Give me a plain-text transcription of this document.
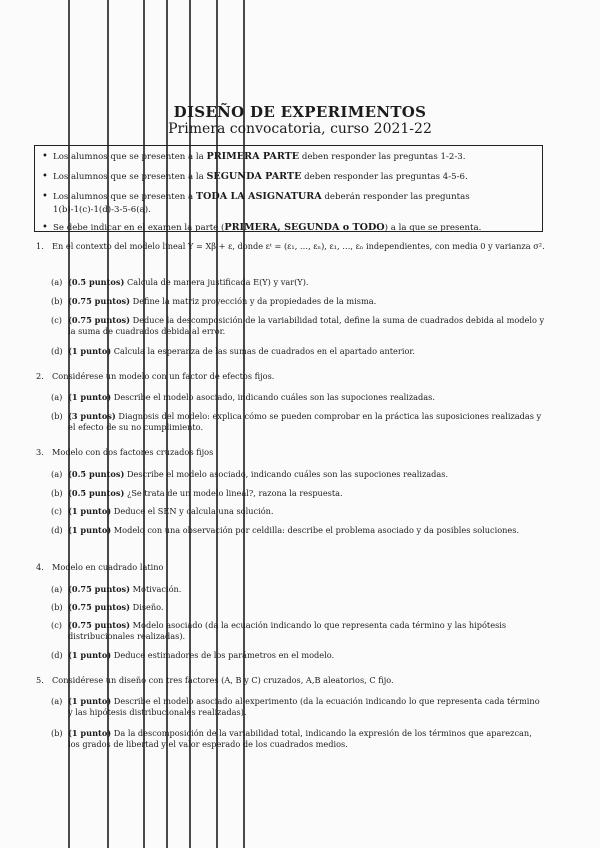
DISEÑO DE EXPERIMENTOS
Primera convocatoria, curso 2021-22
• Los alumnos que se presenten a la PRIMERA PARTE deben responder las preguntas 1-2-3.
• Los alumnos que se presenten a la SEGUNDA PARTE deben responder las preguntas 4-5-6.
• Los alumnos que se presenten a TODA LA ASIGNATURA deberán responder las preguntas 1(b)-1(c)-1(d)-3-5-6(a).
• Se debe indicar en el examen la parte (PRIMERA, SEGUNDA o TODO) a la que se presenta.
1. En el contexto del modelo lineal Y = Xβ + ε, donde εᵗ = (ε₁, …, εₙ), ε₁, …, εₙ independientes, con media 0 y varianza σ².
(a) (0.5 puntos) Calcula de manera justificada E(Y) y var(Y).
(b) (0.75 puntos) Define la matriz proyección y da propiedades de la misma.
(c) (0.75 puntos) Deduce la descomposición de la variabilidad total, define la suma de cuadrados debida al modelo y la suma de cuadrados debida al error.
(d) (1 punto) Calcula la esperanza de las sumas de cuadrados en el apartado anterior.
2. Considérese un modelo con un factor de efectos fijos.
(a) (1 punto) Describe el modelo asociado, indicando cuáles son las supociones realizadas.
(b) (3 puntos) Diagnosis del modelo: explica cómo se pueden comprobar en la práctica las suposiciones realizadas y el efecto de su no cumplimiento.
3. Modelo con dos factores cruzados fijos
(a) (0.5 puntos) Describe el modelo asociado, indicando cuáles son las supociones realizadas.
(b) (0.5 puntos) ¿Se trata de un modelo lineal?, razona la respuesta.
(c) (1 punto) Deduce el SEN y calcula una solución.
(d) (1 punto) Modelo con una observación por celdilla: describe el problema asociado y da posibles soluciones.
4. Modelo en cuadrado latino
(a) (0.75 puntos) Motivación.
(b) (0.75 puntos) Diseño.
(c) (0.75 puntos) Modelo asociado (da la ecuación indicando lo que representa cada término y las hipótesis distribucionales realizadas).
(d) (1 punto) Deduce estimadores de los parámetros en el modelo.
5. Considérese un diseño con tres factores (A, B y C) cruzados, A,B aleatorios, C fijo.
(a) (1 punto) Describe el modelo asociado al experimento (da la ecuación indicando lo que representa cada término y las hipótesis distribucionales realizadas).
(b) (1 punto) Da la descomposición de la variabilidad total, indicando la expresión de los términos que aparezcan, los grados de libertad y el valor esperado de los cuadrados medios.
